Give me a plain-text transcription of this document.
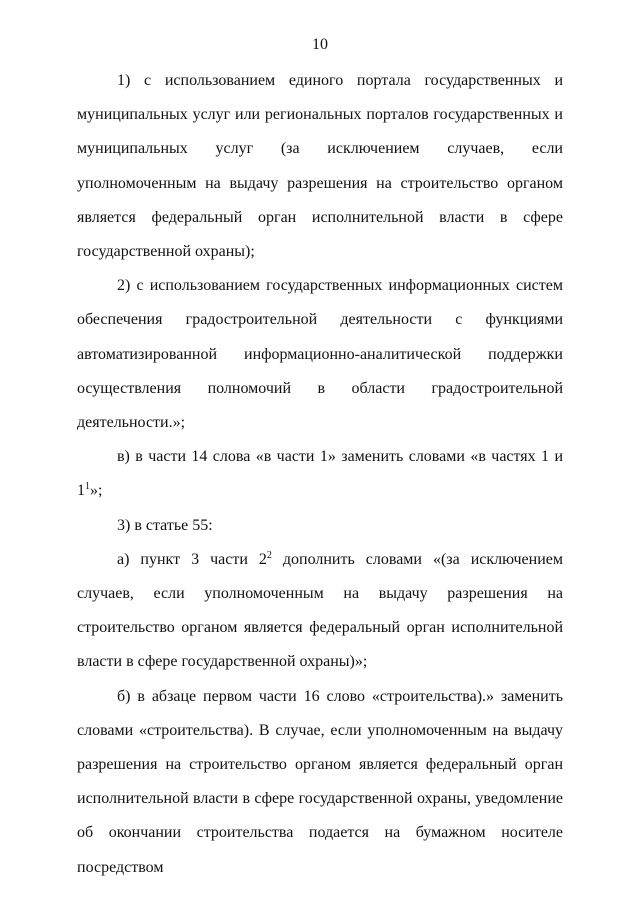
10

1) с использованием единого портала государственных и муниципальных услуг или региональных порталов государственных и муниципальных услуг (за исключением случаев, если уполномоченным на выдачу разрешения на строительство органом является федеральный орган исполнительной власти в сфере государственной охраны);

2) с использованием государственных информационных систем обеспечения градостроительной деятельности с функциями автоматизированной информационно-аналитической поддержки осуществления полномочий в области градостроительной деятельности.»;

в) в части 14 слова «в части 1» заменить словами «в частях 1 и $1^1$»;

3) в статье 55:

а) пункт 3 части $2^2$ дополнить словами «(за исключением случаев, если уполномоченным на выдачу разрешения на строительство органом является федеральный орган исполнительной власти в сфере государственной охраны)»;

б) в абзаце первом части 16 слово «строительства).» заменить словами «строительства). В случае, если уполномоченным на выдачу разрешения на строительство органом является федеральный орган исполнительной власти в сфере государственной охраны, уведомление об окончании строительства подается на бумажном носителе посредством
